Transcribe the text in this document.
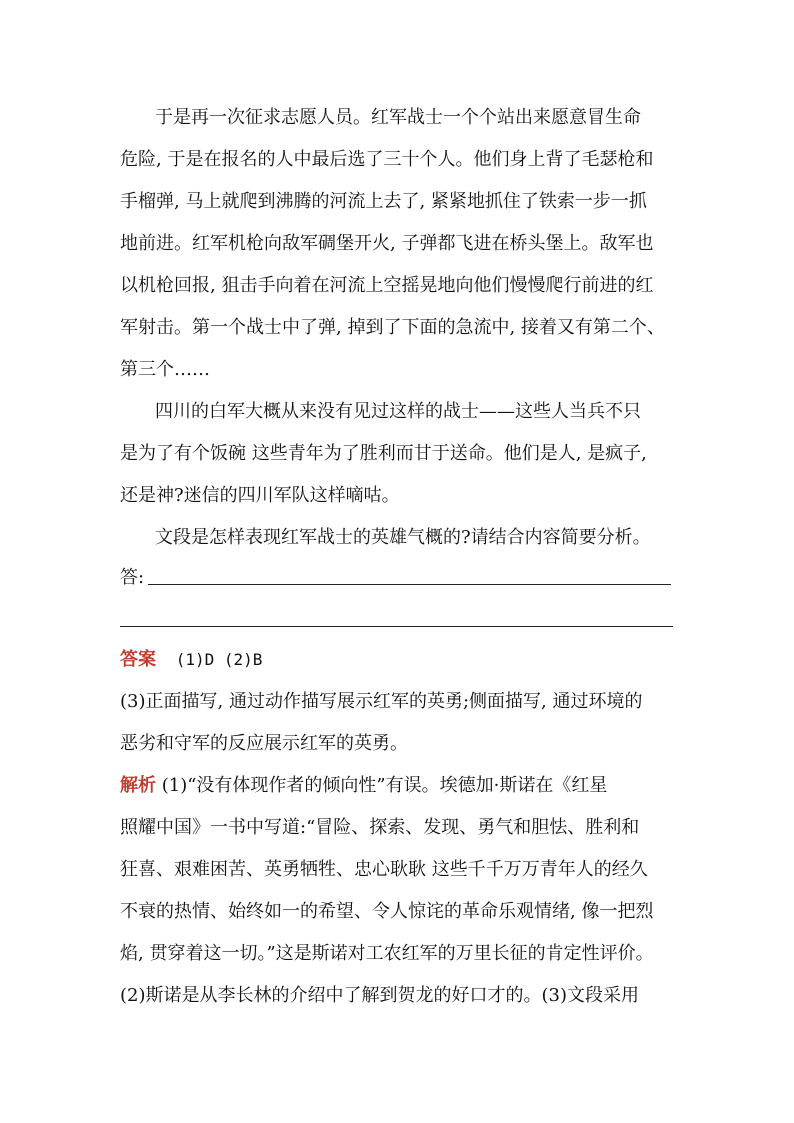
于是再一次征求志愿人员。红军战士一个个站出来愿意冒生命
危险, 于是在报名的人中最后选了三十个人。他们身上背了毛瑟枪和
手榴弹, 马上就爬到沸腾的河流上去了, 紧紧地抓住了铁索一步一抓
地前进。红军机枪向敌军碉堡开火, 子弹都飞进在桥头堡上。敌军也
以机枪回报, 狙击手向着在河流上空摇晃地向他们慢慢爬行前进的红
军射击。第一个战士中了弹, 掉到了下面的急流中, 接着又有第二个、
第三个……
四川的白军大概从来没有见过这样的战士——这些人当兵不只
是为了有个饭碗 这些青年为了胜利而甘于送命。他们是人, 是疯子,
还是神?迷信的四川军队这样嘀咕。
文段是怎样表现红军战士的英雄气概的?请结合内容简要分析。
答:
答案 (1)D (2)B
(3)正面描写, 通过动作描写展示红军的英勇;侧面描写, 通过环境的
恶劣和守军的反应展示红军的英勇。
解析 (1)“没有体现作者的倾向性”有误。埃德加·斯诺在《红星
照耀中国》一书中写道:“冒险、探索、发现、勇气和胆怯、胜利和
狂喜、艰难困苦、英勇牺牲、忠心耿耿 这些千千万万青年人的经久
不衰的热情、始终如一的希望、令人惊诧的革命乐观情绪, 像一把烈
焰, 贯穿着这一切。”这是斯诺对工农红军的万里长征的肯定性评价。
(2)斯诺是从李长林的介绍中了解到贺龙的好口才的。(3)文段采用
